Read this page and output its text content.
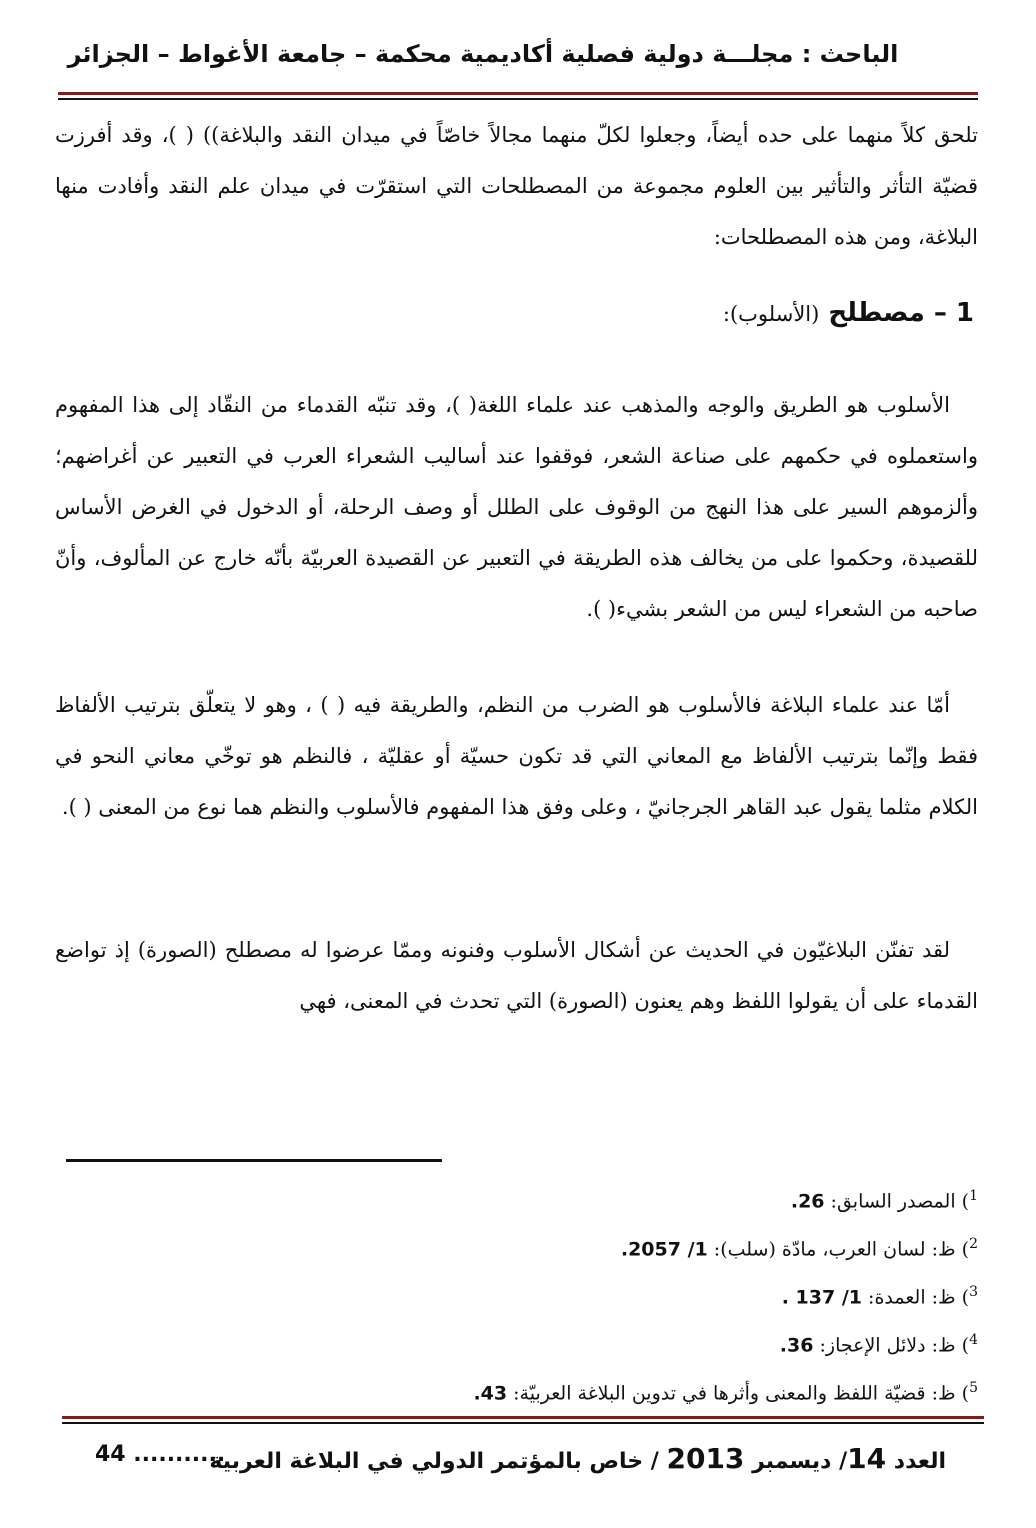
الباحث : مجلـــة دولية فصلية أكاديمية محكمة – جامعة الأغواط – الجزائر

تلحق كلاً منهما على حده أيضاً، وجعلوا لكلّ منهما مجالاً خاصّاً في ميدان النقد والبلاغة)) ( )، وقد أفرزت قضيّة التأثر والتأثير بين العلوم مجموعة من المصطلحات التي استقرّت في ميدان علم النقد وأفادت منها البلاغة، ومن هذه المصطلحات:

1 – مصطلح (الأسلوب):

الأسلوب هو الطريق والوجه والمذهب عند علماء اللغة( )، وقد تنبّه القدماء من النقّاد إلى هذا المفهوم واستعملوه في حكمهم على صناعة الشعر، فوقفوا عند أساليب الشعراء العرب في التعبير عن أغراضهم؛ وألزموهم السير على هذا النهج من الوقوف على الطلل أو وصف الرحلة، أو الدخول في الغرض الأساس للقصيدة، وحكموا على من يخالف هذه الطريقة في التعبير عن القصيدة العربيّة بأنّه خارج عن المألوف، وأنّ صاحبه من الشعراء ليس من الشعر بشيء( ).

أمّا عند علماء البلاغة فالأسلوب هو الضرب من النظم، والطريقة فيه ( ) ، وهو لا يتعلّق بترتيب الألفاظ فقط وإنّما بترتيب الألفاظ مع المعاني التي قد تكون حسيّة أو عقليّة ، فالنظم هو توخّي معاني النحو في الكلام مثلما يقول عبد القاهر الجرجانيّ ، وعلى وفق هذا المفهوم فالأسلوب والنظم هما نوع من المعنى ( ).

لقد تفنّن البلاغيّون في الحديث عن أشكال الأسلوب وفنونه وممّا عرضوا له مصطلح (الصورة) إذ تواضع القدماء على أن يقولوا اللفظ وهم يعنون (الصورة) التي تحدث في المعنى، فهي

$^1$) المصدر السابق: 26.
$^2$) ظ: لسان العرب، مادّة (سلب): 1/ 2057.
$^3$) ظ: العمدة: 1/ 137 .
$^4$) ظ: دلائل الإعجاز: 36.
$^5$) ظ: قضيّة اللفظ والمعنى وأثرها في تدوين البلاغة العربيّة: 43.
العدد 14/ ديسمبر 2013 / خاص بالمؤتمر الدولي في البلاغة العربية
44 ...........
